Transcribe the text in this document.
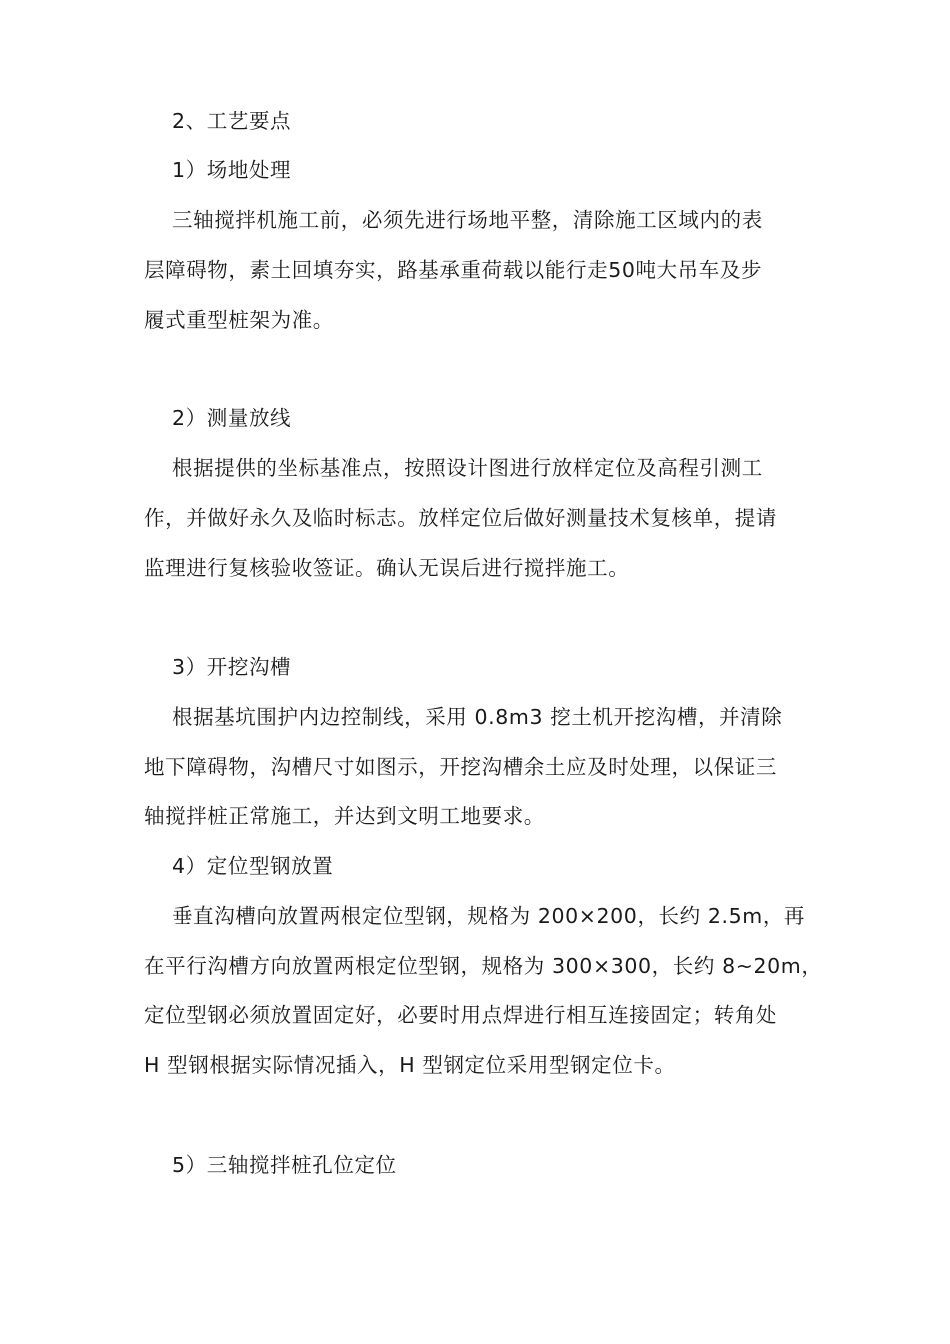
2、工艺要点
1）场地处理
三轴搅拌机施工前，必须先进行场地平整，清除施工区域内的表
层障碍物，素土回填夯实，路基承重荷载以能行走50吨大吊车及步
履式重型桩架为准。
2）测量放线
根据提供的坐标基准点，按照设计图进行放样定位及高程引测工
作，并做好永久及临时标志。放样定位后做好测量技术复核单，提请
监理进行复核验收签证。确认无误后进行搅拌施工。
3）开挖沟槽
根据基坑围护内边控制线，采用 0.8m3 挖土机开挖沟槽，并清除
地下障碍物，沟槽尺寸如图示，开挖沟槽余土应及时处理，以保证三
轴搅拌桩正常施工，并达到文明工地要求。
4）定位型钢放置
垂直沟槽向放置两根定位型钢，规格为 200×200，长约 2.5m，再
在平行沟槽方向放置两根定位型钢，规格为 300×300，长约 8~20m，
定位型钢必须放置固定好，必要时用点焊进行相互连接固定；转角处
H 型钢根据实际情况插入，H 型钢定位采用型钢定位卡。
5）三轴搅拌桩孔位定位
